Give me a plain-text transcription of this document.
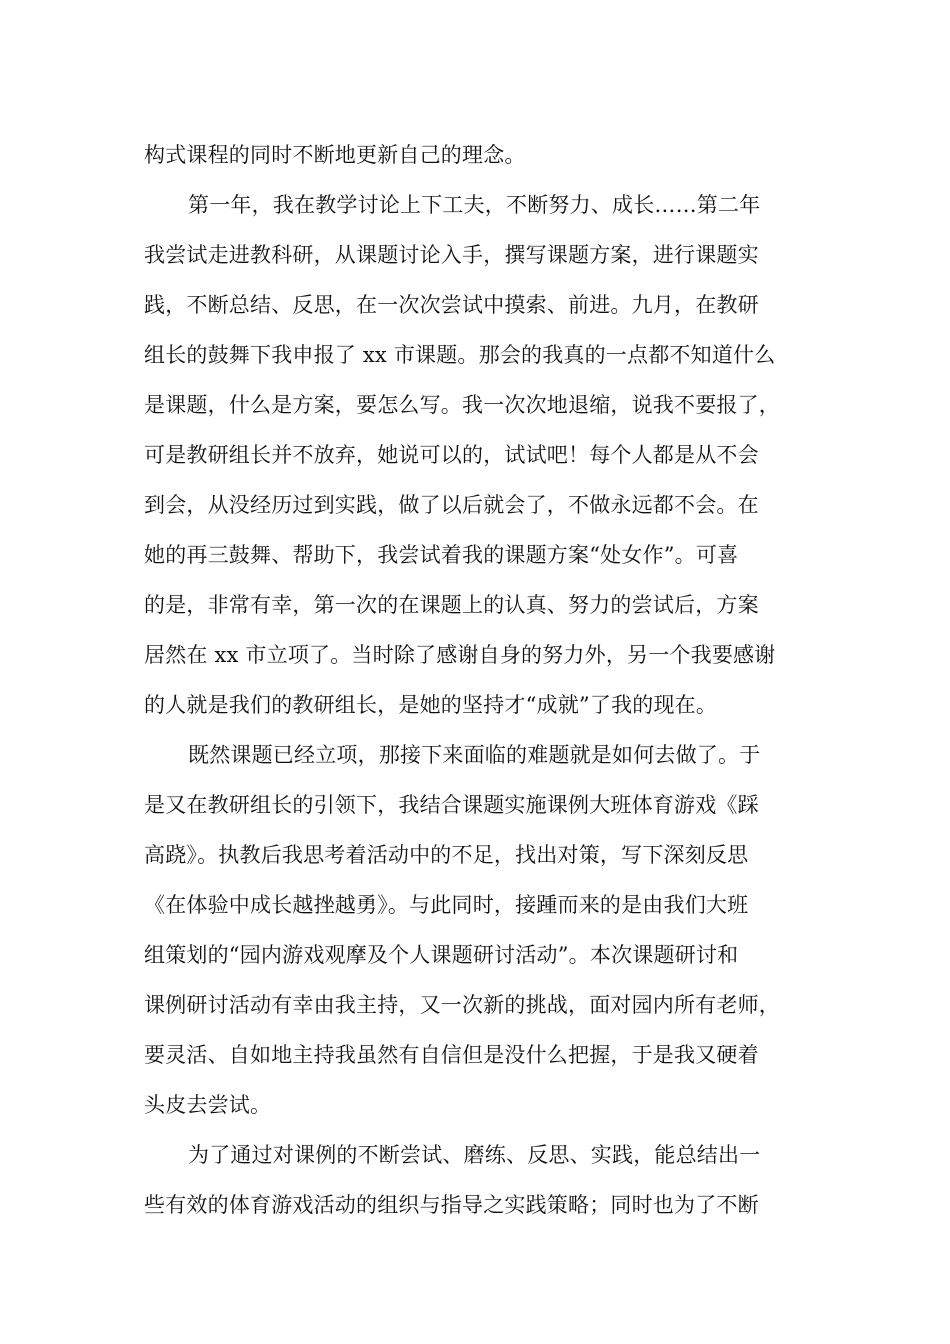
构式课程的同时不断地更新自己的理念。
第一年，我在教学讨论上下工夫，不断努力、成长……第二年
我尝试走进教科研，从课题讨论入手，撰写课题方案，进行课题实
践，不断总结、反思，在一次次尝试中摸索、前进。九月，在教研
组长的鼓舞下我申报了 xx 市课题。那会的我真的一点都不知道什么
是课题，什么是方案，要怎么写。我一次次地退缩，说我不要报了，
可是教研组长并不放弃，她说可以的，试试吧！每个人都是从不会
到会，从没经历过到实践，做了以后就会了，不做永远都不会。在
她的再三鼓舞、帮助下，我尝试着我的课题方案“处女作”。可喜
的是，非常有幸，第一次的在课题上的认真、努力的尝试后，方案
居然在 xx 市立项了。当时除了感谢自身的努力外，另一个我要感谢
的人就是我们的教研组长，是她的坚持才“成就”了我的现在。
既然课题已经立项，那接下来面临的难题就是如何去做了。于
是又在教研组长的引领下，我结合课题实施课例大班体育游戏《踩
高跷》。执教后我思考着活动中的不足，找出对策，写下深刻反思
《在体验中成长越挫越勇》。与此同时，接踵而来的是由我们大班
组策划的“园内游戏观摩及个人课题研讨活动”。本次课题研讨和
课例研讨活动有幸由我主持，又一次新的挑战，面对园内所有老师，
要灵活、自如地主持我虽然有自信但是没什么把握，于是我又硬着
头皮去尝试。
为了通过对课例的不断尝试、磨练、反思、实践，能总结出一
些有效的体育游戏活动的组织与指导之实践策略；同时也为了不断
